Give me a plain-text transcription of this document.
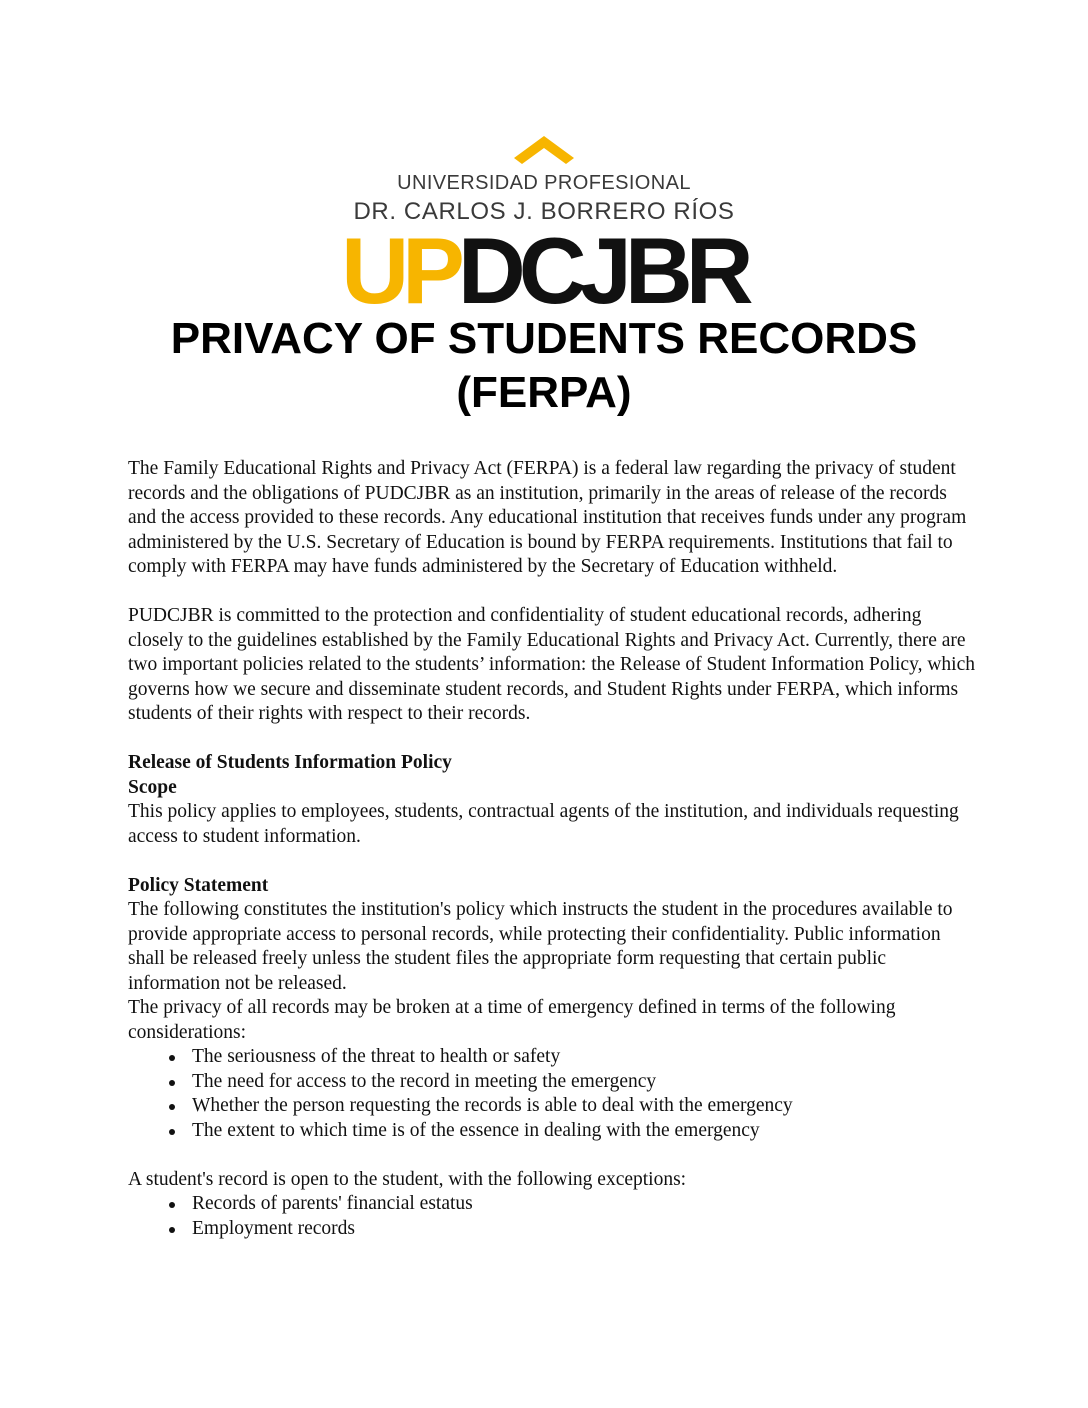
UNIVERSIDAD PROFESIONAL
DR. CARLOS J. BORRERO RÍOS
UPDCJBR
PRIVACY OF STUDENTS RECORDS
(FERPA)

The Family Educational Rights and Privacy Act (FERPA) is a federal law regarding the privacy of student records and the obligations of PUDCJBR as an institution, primarily in the areas of release of the records and the access provided to these records. Any educational institution that receives funds under any program administered by the U.S. Secretary of Education is bound by FERPA requirements. Institutions that fail to comply with FERPA may have funds administered by the Secretary of Education withheld.

PUDCJBR is committed to the protection and confidentiality of student educational records, adhering closely to the guidelines established by the Family Educational Rights and Privacy Act. Currently, there are two important policies related to the students’ information: the Release of Student Information Policy, which governs how we secure and disseminate student records, and Student Rights under FERPA, which informs students of their rights with respect to their records.

Release of Students Information Policy

Scope

This policy applies to employees, students, contractual agents of the institution, and individuals requesting access to student information.

Policy Statement

The following constitutes the institution's policy which instructs the student in the procedures available to provide appropriate access to personal records, while protecting their confidentiality. Public information shall be released freely unless the student files the appropriate form requesting that certain public information not be released.

The privacy of all records may be broken at a time of emergency defined in terms of the following considerations:

The seriousness of the threat to health or safety
The need for access to the record in meeting the emergency
Whether the person requesting the records is able to deal with the emergency
The extent to which time is of the essence in dealing with the emergency

A student's record is open to the student, with the following exceptions:

Records of parents' financial estatus
Employment records
